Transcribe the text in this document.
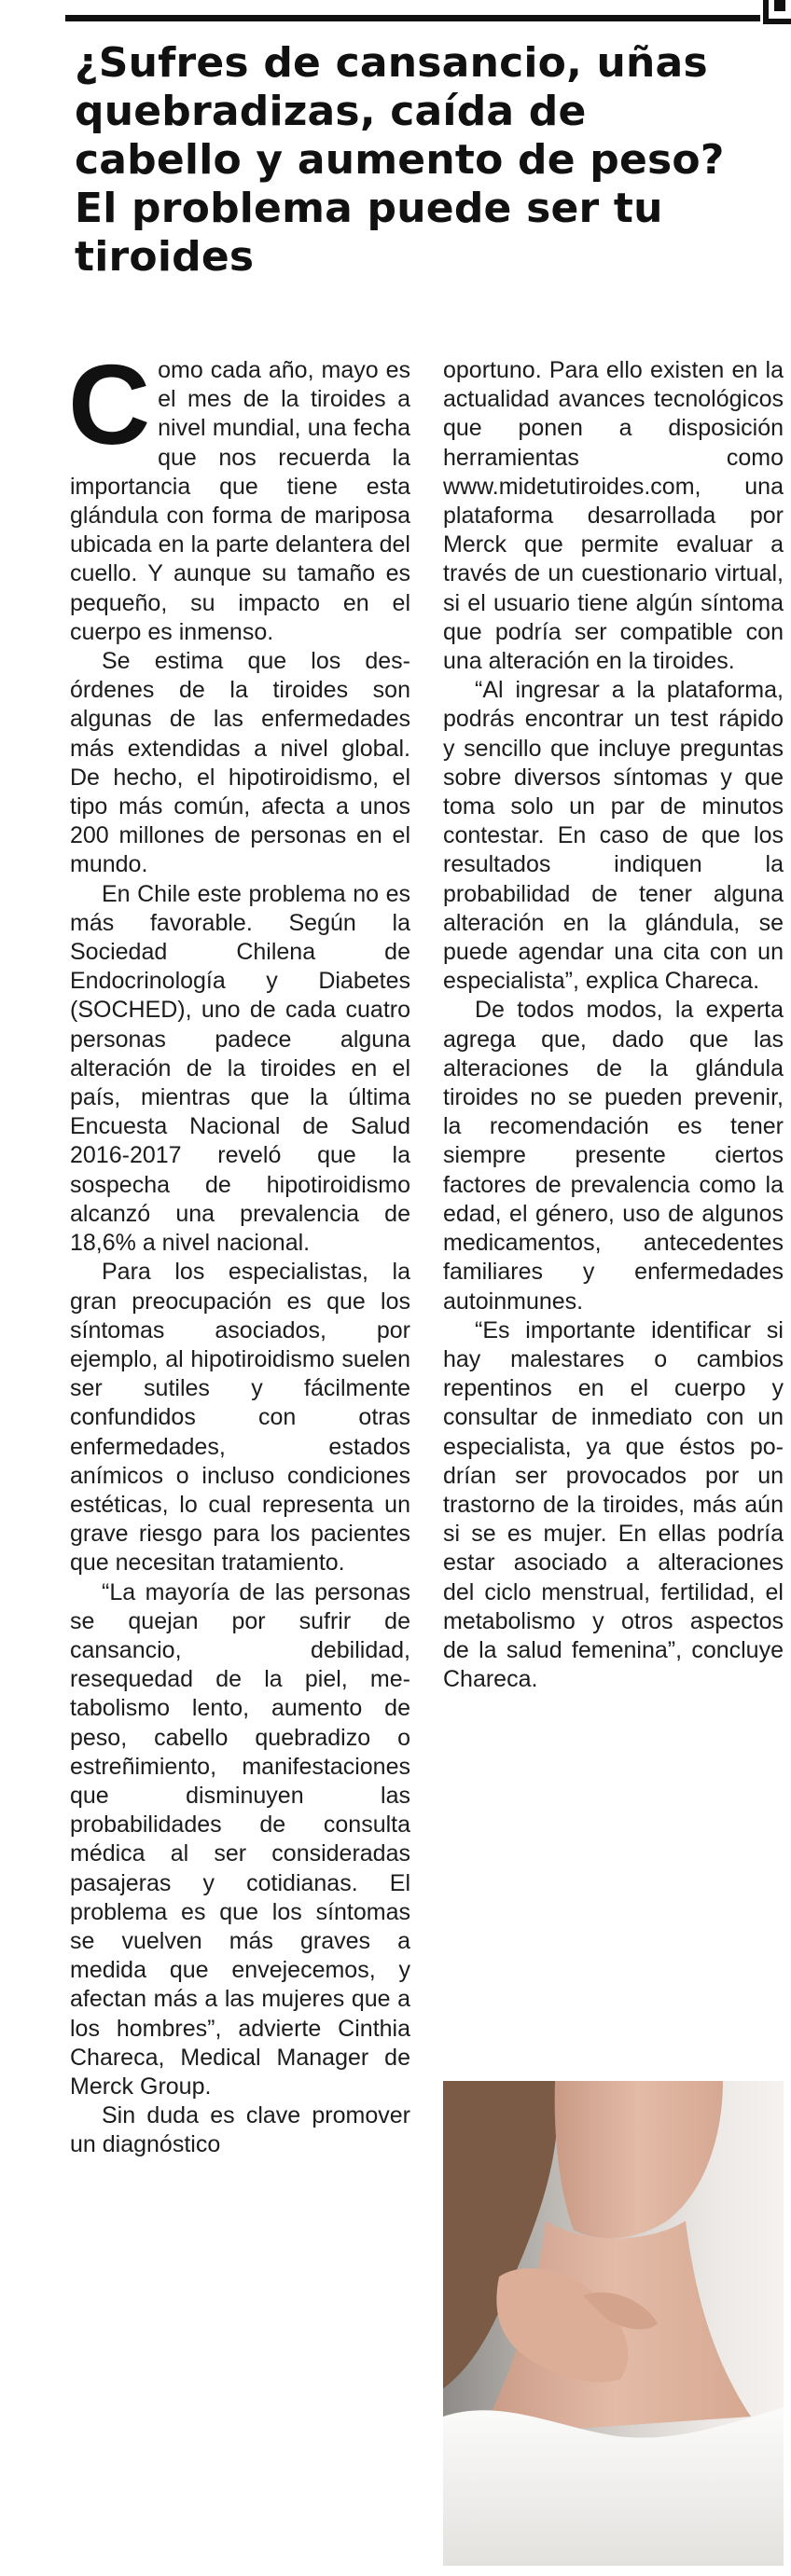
¿Sufres de cansancio, uñas quebradizas, caída de cabello y aumento de peso? El problema puede ser tu tiroides

Como cada año, mayo es el mes de la tiroides a nivel mundial, una fecha que nos recuerda la importancia que tiene esta glándula con forma de mariposa ubicada en la parte delantera del cuello. Y aunque su tamaño es pequeño, su impacto en el cuerpo es inmenso.

Se estima que los desórdenes de la tiroides son algunas de las enfermedades más extendidas a nivel global. De hecho, el hipotiroidismo, el tipo más común, afecta a unos 200 millones de personas en el mundo.

En Chile este problema no es más favorable. Según la Sociedad Chilena de Endocrinología y Diabetes (SOCHED), uno de cada cuatro personas padece alguna alteración de la tiroides en el país, mientras que la última Encuesta Nacional de Salud 2016-2017 reveló que la sospecha de hipotiroidismo alcanzó una prevalencia de 18,6% a nivel nacional.

Para los especialistas, la gran preocupación es que los síntomas asociados, por ejemplo, al hipotiroidismo suelen ser sutiles y fácilmente confundidos con otras enfermedades, estados anímicos o incluso condiciones estéticas, lo cual representa un grave riesgo para los pacientes que necesitan tratamiento.

“La mayoría de las personas se quejan por sufrir de cansancio, debilidad, resequedad de la piel, metabolismo lento, aumento de peso, cabello quebradizo o estreñimiento, manifestaciones que disminuyen las probabilidades de consulta médica al ser consideradas pasajeras y cotidianas. El problema es que los síntomas se vuelven más graves a medida que envejecemos, y afectan más a las mujeres que a los hombres”, advierte Cinthia Chareca, Medical Manager de Merck Group.

Sin duda es clave promover un diagnóstico

oportuno. Para ello existen en la actualidad avances tecnológicos que ponen a disposición herramientas como www.midetutiroides.com, una plataforma desarrollada por Merck que permite evaluar a través de un cuestionario virtual, si el usuario tiene algún síntoma que podría ser compatible con una alteración en la tiroides.

“Al ingresar a la plataforma, podrás encontrar un test rápido y sencillo que incluye preguntas sobre diversos síntomas y que toma solo un par de minutos contestar. En caso de que los resultados indiquen la probabilidad de tener alguna alteración en la glándula, se puede agendar una cita con un especialista”, explica Chareca.

De todos modos, la experta agrega que, dado que las alteraciones de la glándula tiroides no se pueden prevenir, la recomendación es tener siempre presente ciertos factores de prevalencia como la edad, el género, uso de algunos medicamentos, antecedentes familiares y enfermedades autoinmunes.

“Es importante identificar si hay malestares o cambios repentinos en el cuerpo y consultar de inmediato con un especialista, ya que éstos podrían ser provocados por un trastorno de la tiroides, más aún si se es mujer. En ellas podría estar asociado a alteraciones del ciclo menstrual, fertilidad, el metabolismo y otros aspectos de la salud femenina”, concluye Chareca.
